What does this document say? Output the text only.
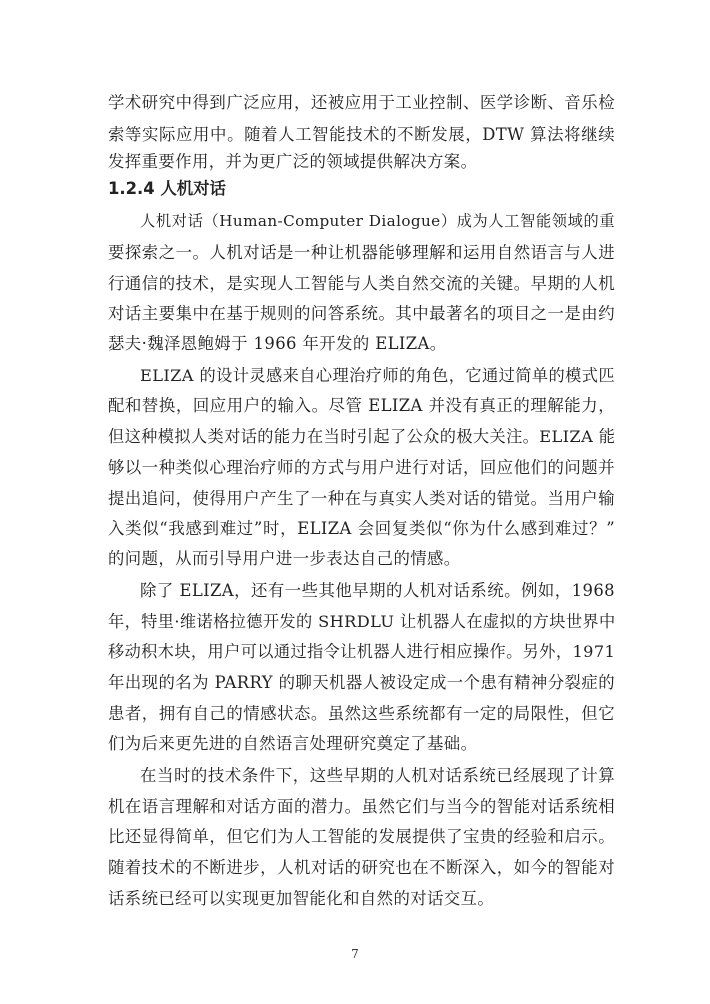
学术研究中得到广泛应用，还被应用于工业控制、医学诊断、音乐检
索等实际应用中。随着人工智能技术的不断发展，DTW 算法将继续
发挥重要作用，并为更广泛的领域提供解决方案。
1.2.4 人机对话
人机对话（Human-Computer Dialogue）成为人工智能领域的重
要探索之一。人机对话是一种让机器能够理解和运用自然语言与人进
行通信的技术，是实现人工智能与人类自然交流的关键。早期的人机
对话主要集中在基于规则的问答系统。其中最著名的项目之一是由约
瑟夫·魏泽恩鲍姆于 1966 年开发的 ELIZA。
ELIZA 的设计灵感来自心理治疗师的角色，它通过简单的模式匹
配和替换，回应用户的输入。尽管 ELIZA 并没有真正的理解能力，
但这种模拟人类对话的能力在当时引起了公众的极大关注。ELIZA 能
够以一种类似心理治疗师的方式与用户进行对话，回应他们的问题并
提出追问，使得用户产生了一种在与真实人类对话的错觉。当用户输
入类似“我感到难过”时，ELIZA 会回复类似“你为什么感到难过？”
的问题，从而引导用户进一步表达自己的情感。
除了 ELIZA，还有一些其他早期的人机对话系统。例如，1968
年，特里·维诺格拉德开发的 SHRDLU 让机器人在虚拟的方块世界中
移动积木块，用户可以通过指令让机器人进行相应操作。另外，1971
年出现的名为 PARRY 的聊天机器人被设定成一个患有精神分裂症的
患者，拥有自己的情感状态。虽然这些系统都有一定的局限性，但它
们为后来更先进的自然语言处理研究奠定了基础。
在当时的技术条件下，这些早期的人机对话系统已经展现了计算
机在语言理解和对话方面的潜力。虽然它们与当今的智能对话系统相
比还显得简单，但它们为人工智能的发展提供了宝贵的经验和启示。
随着技术的不断进步，人机对话的研究也在不断深入，如今的智能对
话系统已经可以实现更加智能化和自然的对话交互。
7
